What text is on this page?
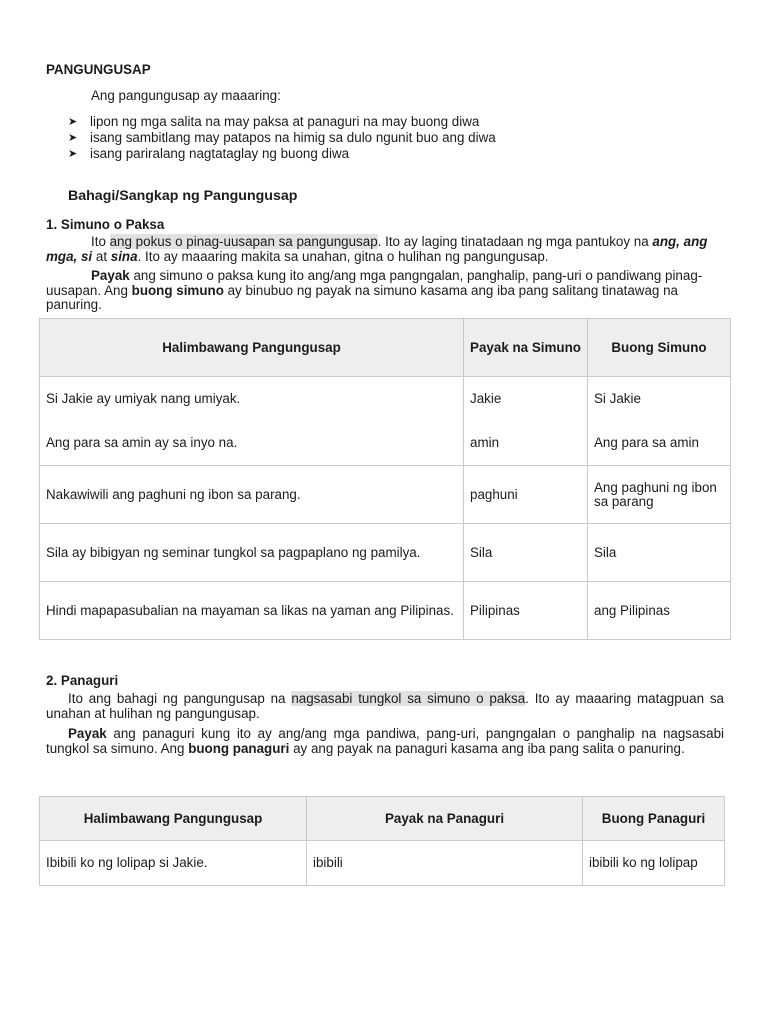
PANGUNGUSAP
Ang pangungusap ay maaaring:
➤ lipon ng mga salita na may paksa at panaguri na may buong diwa
➤ isang sambitlang may patapos na himig sa dulo ngunit buo ang diwa
➤ isang pariralang nagtataglay ng buong diwa
Bahagi/Sangkap ng Pangungusap
1. Simuno o Paksa
Ito ang pokus o pinag-uusapan sa pangungusap. Ito ay laging tinatadaan ng mga pantukoy na ang, ang mga, si at sina. Ito ay maaaring makita sa unahan, gitna o hulihan ng pangungusap.
Payak ang simuno o paksa kung ito ang/ang mga pangngalan, panghalip, pang-uri o pandiwang pinag-uusapan. Ang buong simuno ay binubuo ng payak na simuno kasama ang iba pang salitang tinatawag na panuring.
Halimbawang Pangungusap	Payak na Simuno	Buong Simuno
Si Jakie ay umiyak nang umiyak.	Jakie	Si Jakie
Ang para sa amin ay sa inyo na.	amin	Ang para sa amin
Nakawiwili ang paghuni ng ibon sa parang.	paghuni	Ang paghuni ng ibon sa parang
Sila ay bibigyan ng seminar tungkol sa pagpaplano ng pamilya.	Sila	Sila
Hindi mapapasubalian na mayaman sa likas na yaman ang Pilipinas.	Pilipinas	ang Pilipinas
2. Panaguri
Ito ang bahagi ng pangungusap na nagsasabi tungkol sa simuno o paksa. Ito ay maaaring matagpuan sa unahan at hulihan ng pangungusap.
Payak ang panaguri kung ito ay ang/ang mga pandiwa, pang-uri, pangngalan o panghalip na nagsasabi tungkol sa simuno. Ang buong panaguri ay ang payak na panaguri kasama ang iba pang salita o panuring.
Halimbawang Pangungusap	Payak na Panaguri	Buong Panaguri
Ibibili ko ng lolipap si Jakie.	ibibili	ibibili ko ng lolipap
